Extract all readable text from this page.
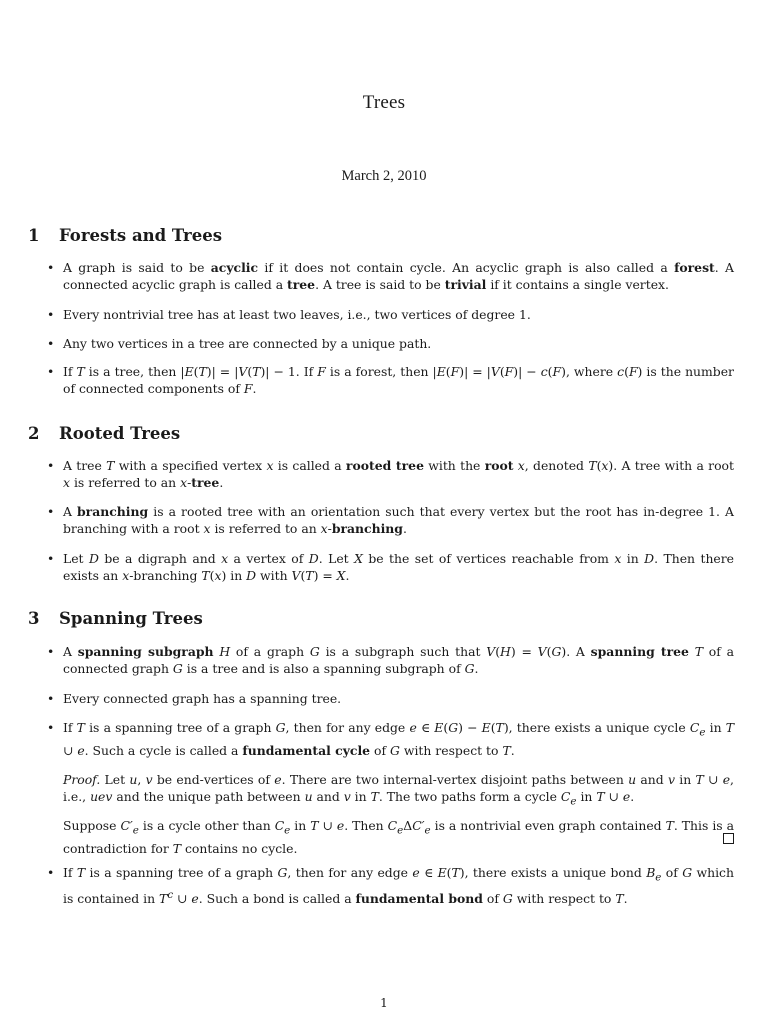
Trees
March 2, 2010
1 Forests and Trees
• A graph is said to be acyclic if it does not contain cycle. An acyclic graph is also called a forest. A connected acyclic graph is called a tree. A tree is said to be trivial if it contains a single vertex.
• Every nontrivial tree has at least two leaves, i.e., two vertices of degree 1.
• Any two vertices in a tree are connected by a unique path.
• If T is a tree, then |E(T)| = |V(T)| − 1. If F is a forest, then |E(F)| = |V(F)| − c(F), where c(F) is the number of connected components of F.
2 Rooted Trees
• A tree T with a specified vertex x is called a rooted tree with the root x, denoted T(x). A tree with a root x is referred to an x-tree.
• A branching is a rooted tree with an orientation such that every vertex but the root has in-degree 1. A branching with a root x is referred to an x-branching.
• Let D be a digraph and x a vertex of D. Let X be the set of vertices reachable from x in D. Then there exists an x-branching T(x) in D with V(T) = X.
3 Spanning Trees
• A spanning subgraph H of a graph G is a subgraph such that V(H) = V(G). A spanning tree T of a connected graph G is a tree and is also a spanning subgraph of G.
• Every connected graph has a spanning tree.
• If T is a spanning tree of a graph G, then for any edge e ∈ E(G) − E(T), there exists a unique cycle $C_e$ in T ∪ e. Such a cycle is called a fundamental cycle of G with respect to T.

Proof. Let u, v be end-vertices of e. There are two internal-vertex disjoint paths between u and v in T ∪ e, i.e., uev and the unique path between u and v in T. The two paths form a cycle $C_e$ in T ∪ e.

Suppose $C'_e$ is a cycle other than $C_e$ in T ∪ e. Then $C_e\Delta C'_e$ is a nontrivial even graph contained T. This is a contradiction for T contains no cycle.

• If T is a spanning tree of a graph G, then for any edge e ∈ E(T), there exists a unique bond $B_e$ of G which is contained in $T^c$ ∪ e. Such a bond is called a fundamental bond of G with respect to T.
1
